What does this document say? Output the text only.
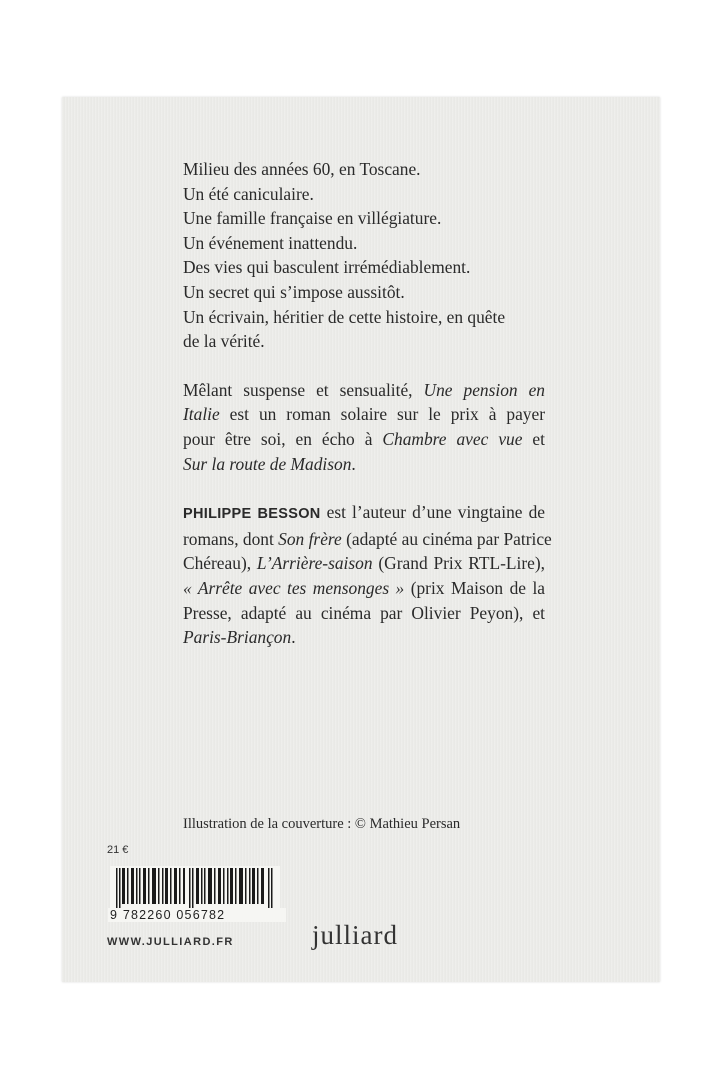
Milieu des années 60, en Toscane.
Un été caniculaire.
Une famille française en villégiature.
Un événement inattendu.
Des vies qui basculent irrémédiablement.
Un secret qui s’impose aussitôt.
Un écrivain, héritier de cette histoire, en quête
de la vérité.
Mêlant suspense et sensualité, Une pension en
Italie est un roman solaire sur le prix à payer
pour être soi, en écho à Chambre avec vue et
Sur la route de Madison.
PHILIPPE BESSON est l’auteur d’une vingtaine de
romans, dont Son frère (adapté au cinéma par Patrice
Chéreau), L’Arrière-saison (Grand Prix RTL-Lire),
« Arrête avec tes mensonges » (prix Maison de la
Presse, adapté au cinéma par Olivier Peyon), et
Paris-Briançon.
Illustration de la couverture : © Mathieu Persan
21 €
9 782260 056782
WWW.JULLIARD.FR	julliard
